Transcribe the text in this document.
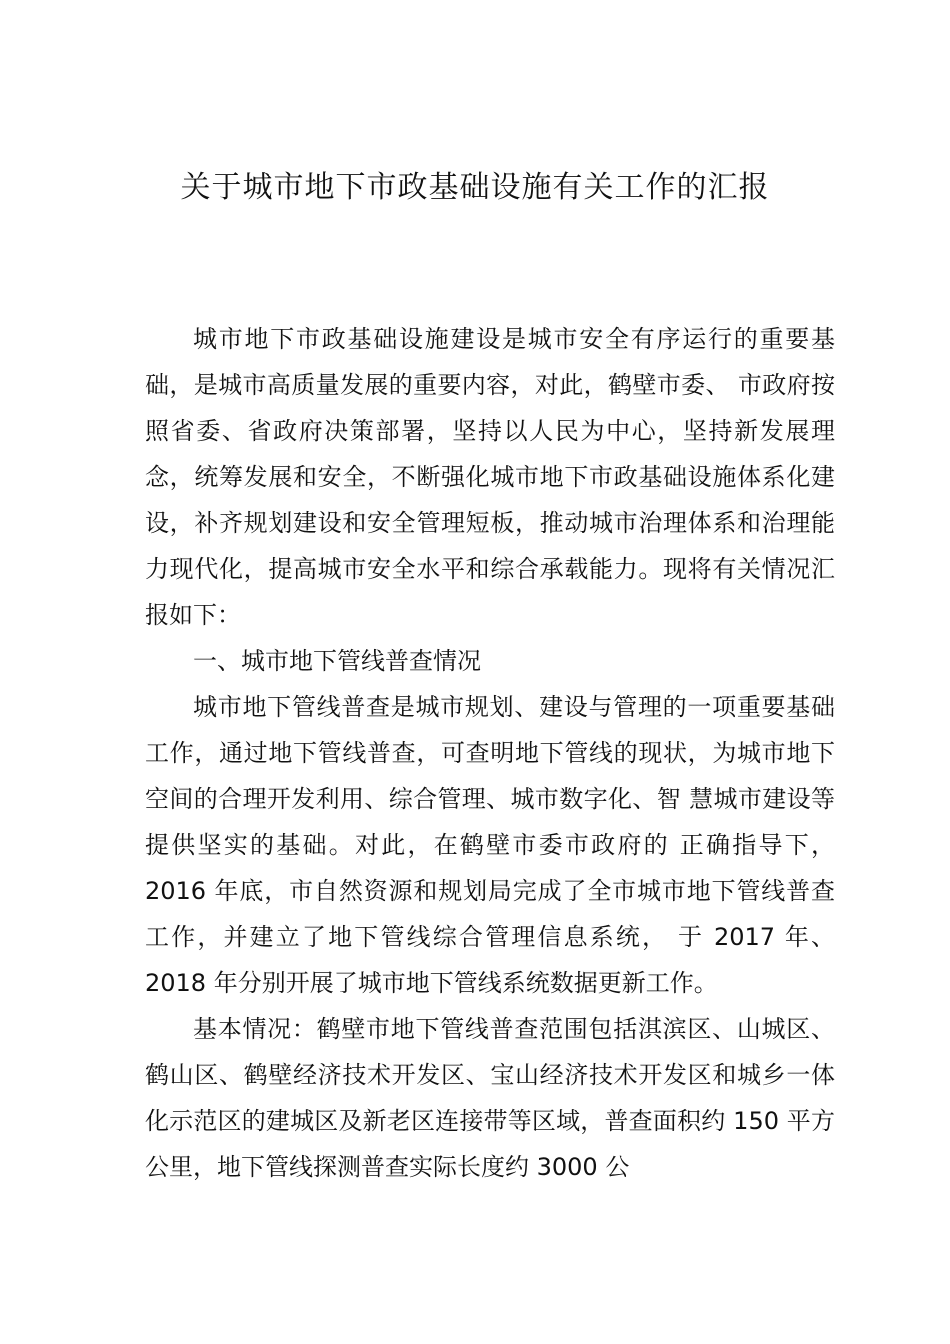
关于城市地下市政基础设施有关工作的汇报

城市地下市政基础设施建设是城市安全有序运行的重要基础，是城市高质量发展的重要内容，对此，鹤壁市委、 市政府按照省委、省政府决策部署，坚持以人民为中心，坚持新发展理念，统筹发展和安全，不断强化城市地下市政基础设施体系化建设，补齐规划建设和安全管理短板，推动城市治理体系和治理能力现代化，提高城市安全水平和综合承载能力。现将有关情况汇报如下：

一、城市地下管线普查情况

城市地下管线普查是城市规划、建设与管理的一项重要基础工作，通过地下管线普查，可查明地下管线的现状，为城市地下空间的合理开发利用、综合管理、城市数字化、智 慧城市建设等提供坚实的基础。对此，在鹤壁市委市政府的 正确指导下，2016 年底，市自然资源和规划局完成了全市城市地下管线普查工作，并建立了地下管线综合管理信息系统， 于 2017 年、2018 年分别开展了城市地下管线系统数据更新工作。

基本情况：鹤壁市地下管线普查范围包括淇滨区、山城区、鹤山区、鹤壁经济技术开发区、宝山经济技术开发区和城乡一体化示范区的建城区及新老区连接带等区域，普查面积约 150 平方公里，地下管线探测普查实际长度约 3000 公
